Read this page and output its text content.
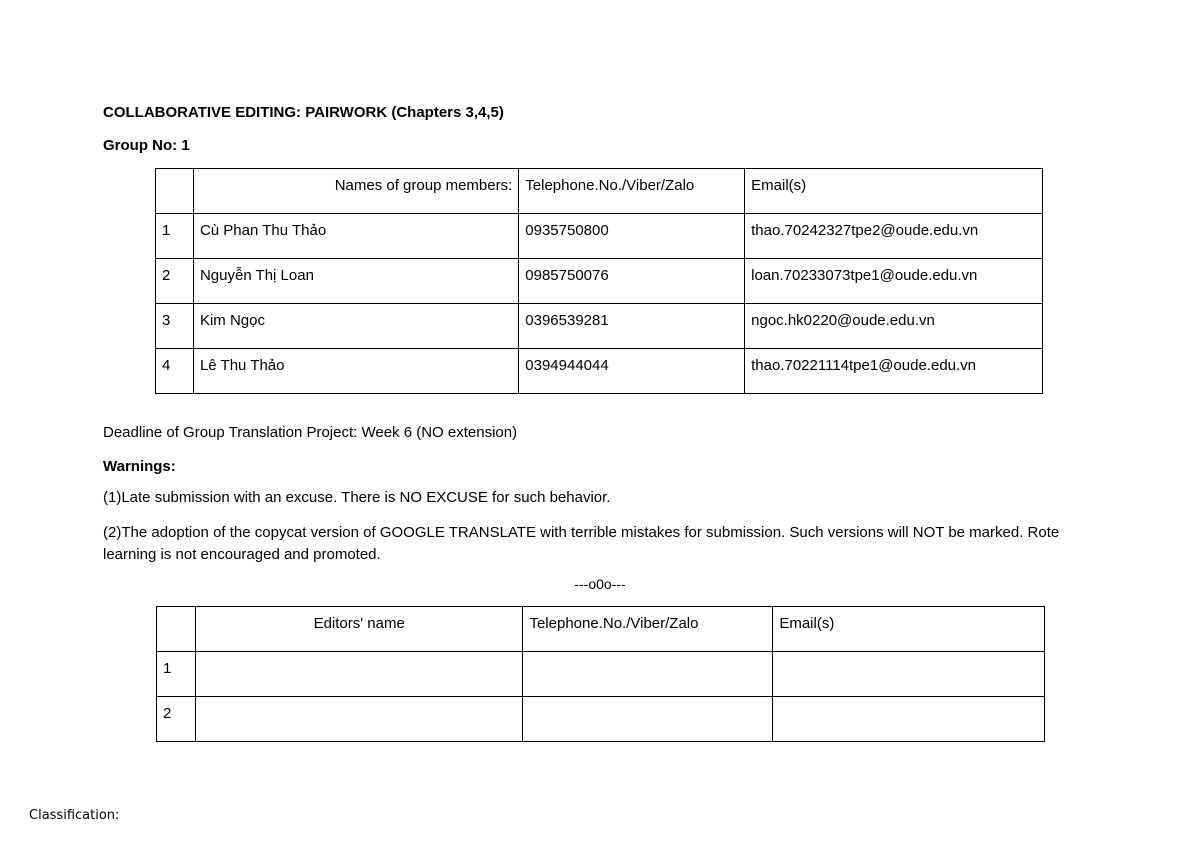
COLLABORATIVE EDITING: PAIRWORK (Chapters 3,4,5)
Group No: 1
	Names of group members:	Telephone.No./Viber/Zalo	Email(s)
1	Cù Phan Thu Thảo	0935750800	thao.70242327tpe2@oude.edu.vn
2	Nguyễn Thị Loan	0985750076	loan.70233073tpe1@oude.edu.vn
3	Kim Ngọc	0396539281	ngoc.hk0220@oude.edu.vn
4	Lê Thu Thảo	0394944044	thao.70221114tpe1@oude.edu.vn
Deadline of Group Translation Project: Week 6 (NO extension)
Warnings:
(1)Late submission with an excuse. There is NO EXCUSE for such behavior.
(2)The adoption of the copycat version of GOOGLE TRANSLATE with terrible mistakes for submission. Such versions will NOT be marked. Rote learning is not encouraged and promoted.
---o0o---
	Editors' name	Telephone.No./Viber/Zalo	Email(s)
1			
2			
Classification:
